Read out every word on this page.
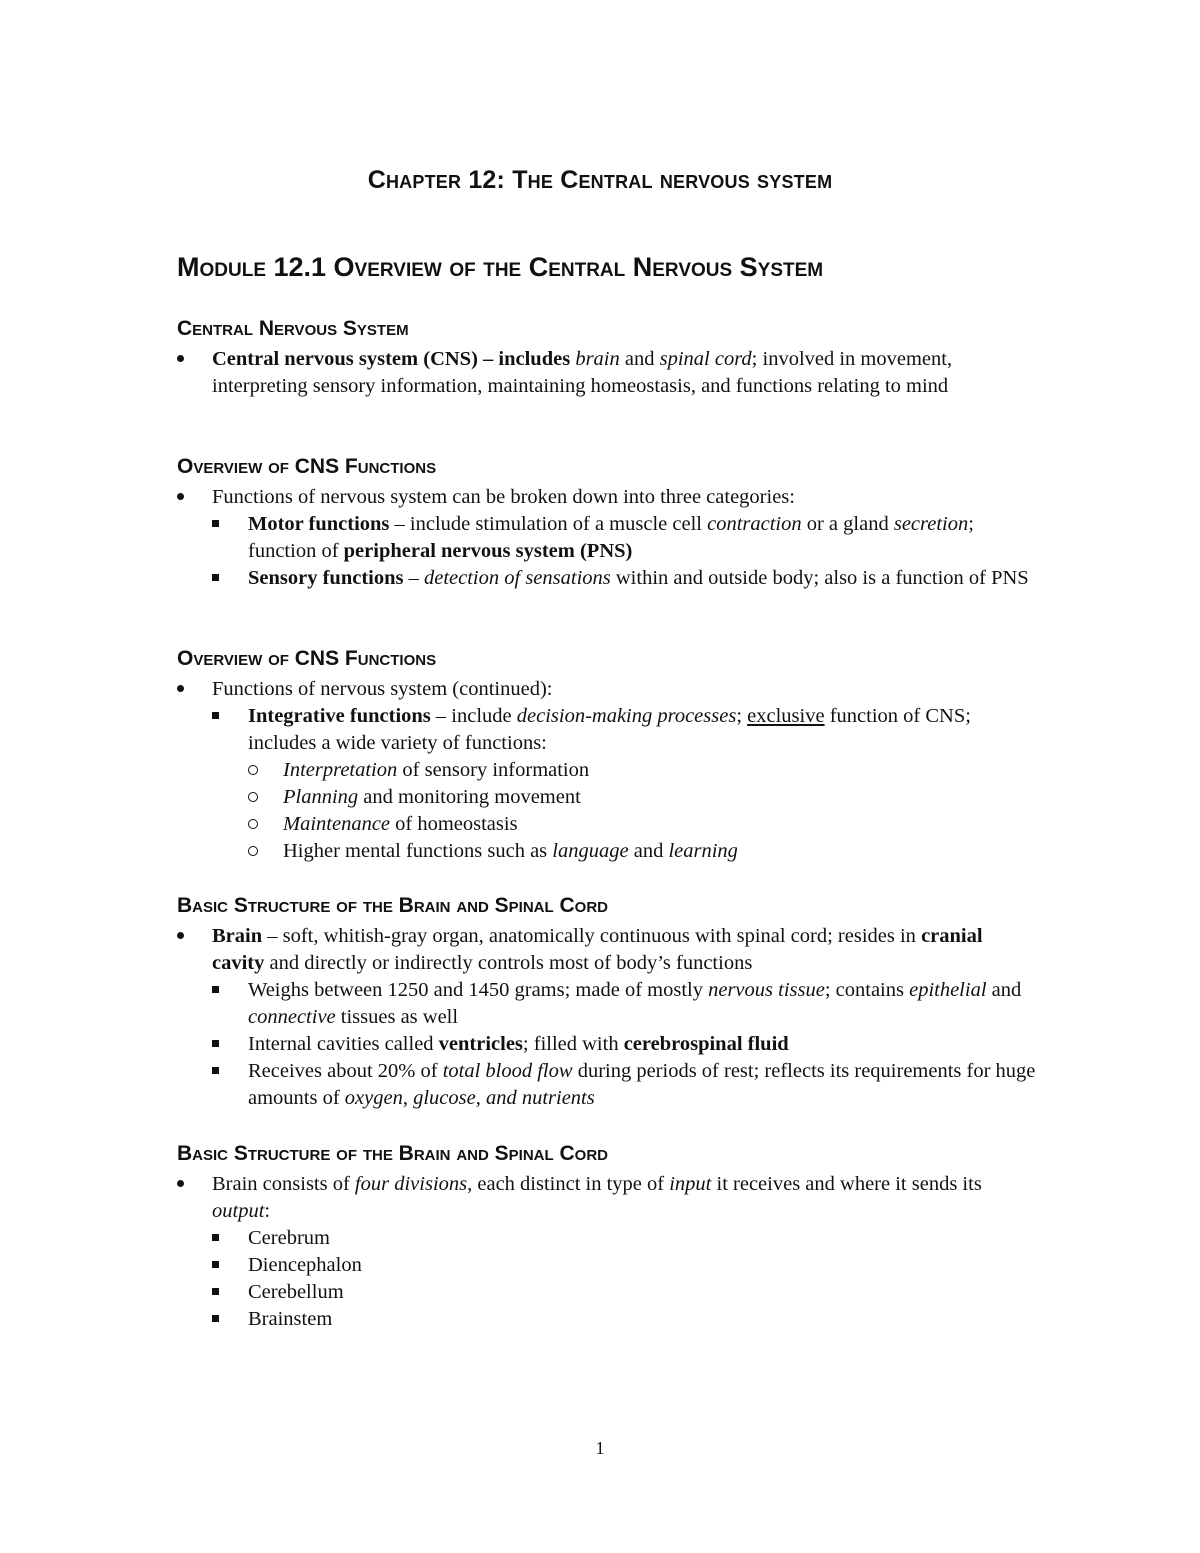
Chapter 12: The Central nervous system
Module 12.1 Overview of the Central Nervous System
Central Nervous System
Central nervous system (CNS) – includes brain and spinal cord; involved in movement, interpreting sensory information, maintaining homeostasis, and functions relating to mind
Overview of CNS Functions
Functions of nervous system can be broken down into three categories:
Motor functions – include stimulation of a muscle cell contraction or a gland secretion; function of peripheral nervous system (PNS)
Sensory functions – detection of sensations within and outside body; also is a function of PNS
Overview of CNS Functions
Functions of nervous system (continued):
Integrative functions – include decision-making processes; exclusive function of CNS; includes a wide variety of functions:
Interpretation of sensory information
Planning and monitoring movement
Maintenance of homeostasis
Higher mental functions such as language and learning
Basic Structure of the Brain and Spinal Cord
Brain – soft, whitish-gray organ, anatomically continuous with spinal cord; resides in cranial cavity and directly or indirectly controls most of body’s functions
Weighs between 1250 and 1450 grams; made of mostly nervous tissue; contains epithelial and connective tissues as well
Internal cavities called ventricles; filled with cerebrospinal fluid
Receives about 20% of total blood flow during periods of rest; reflects its requirements for huge amounts of oxygen, glucose, and nutrients
Basic Structure of the Brain and Spinal Cord
Brain consists of four divisions, each distinct in type of input it receives and where it sends its output:
Cerebrum
Diencephalon
Cerebellum
Brainstem
1
